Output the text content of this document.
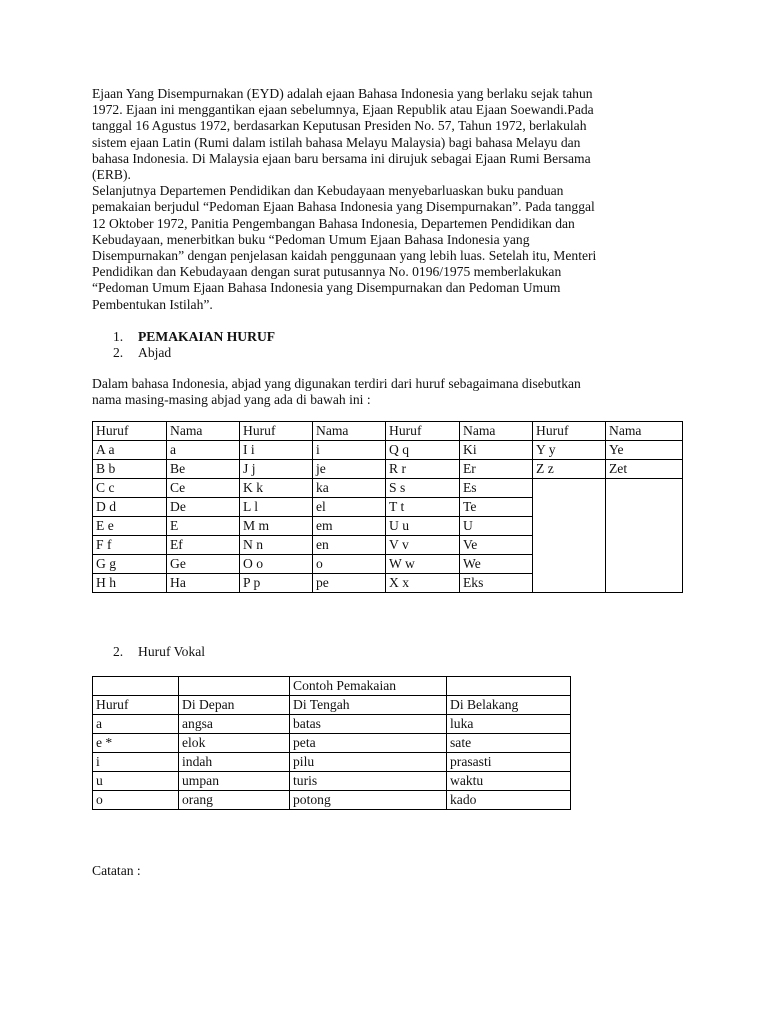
Ejaan Yang Disempurnakan (EYD) adalah ejaan Bahasa Indonesia yang berlaku sejak tahun
1972. Ejaan ini menggantikan ejaan sebelumnya, Ejaan Republik atau Ejaan Soewandi.Pada
tanggal 16 Agustus 1972, berdasarkan Keputusan Presiden No. 57, Tahun 1972, berlakulah
sistem ejaan Latin (Rumi dalam istilah bahasa Melayu Malaysia) bagi bahasa Melayu dan
bahasa Indonesia. Di Malaysia ejaan baru bersama ini dirujuk sebagai Ejaan Rumi Bersama
(ERB).
Selanjutnya Departemen Pendidikan dan Kebudayaan menyebarluaskan buku panduan
pemakaian berjudul “Pedoman Ejaan Bahasa Indonesia yang Disempurnakan”. Pada tanggal
12 Oktober 1972, Panitia Pengembangan Bahasa Indonesia, Departemen Pendidikan dan
Kebudayaan, menerbitkan buku “Pedoman Umum Ejaan Bahasa Indonesia yang
Disempurnakan” dengan penjelasan kaidah penggunaan yang lebih luas. Setelah itu, Menteri
Pendidikan dan Kebudayaan dengan surat putusannya No. 0196/1975 memberlakukan
“Pedoman Umum Ejaan Bahasa Indonesia yang Disempurnakan dan Pedoman Umum
Pembentukan Istilah”.

1. PEMAKAIAN HURUF
2. Abjad

Dalam bahasa Indonesia, abjad yang digunakan terdiri dari huruf sebagaimana disebutkan
nama masing-masing abjad yang ada di bawah ini :

Huruf	Nama	Huruf	Nama	Huruf	Nama	Huruf	Nama
A a	a	I i	i	Q q	Ki	Y y	Ye
B b	Be	J j	je	R r	Er	Z z	Zet
C c	Ce	K k	ka	S s	Es		
D d	De	L l	el	T t	Te		
E e	E	M m	em	U u	U		
F f	Ef	N n	en	V v	Ve		
G g	Ge	O o	o	W w	We		
H h	Ha	P p	pe	X x	Eks		
2. Huruf Vokal
		Contoh Pemakaian	
Huruf	Di Depan	Di Tengah	Di Belakang
a	angsa	batas	luka
e *	elok	peta	sate
i	indah	pilu	prasasti
u	umpan	turis	waktu
o	orang	potong	kado

Catatan :
